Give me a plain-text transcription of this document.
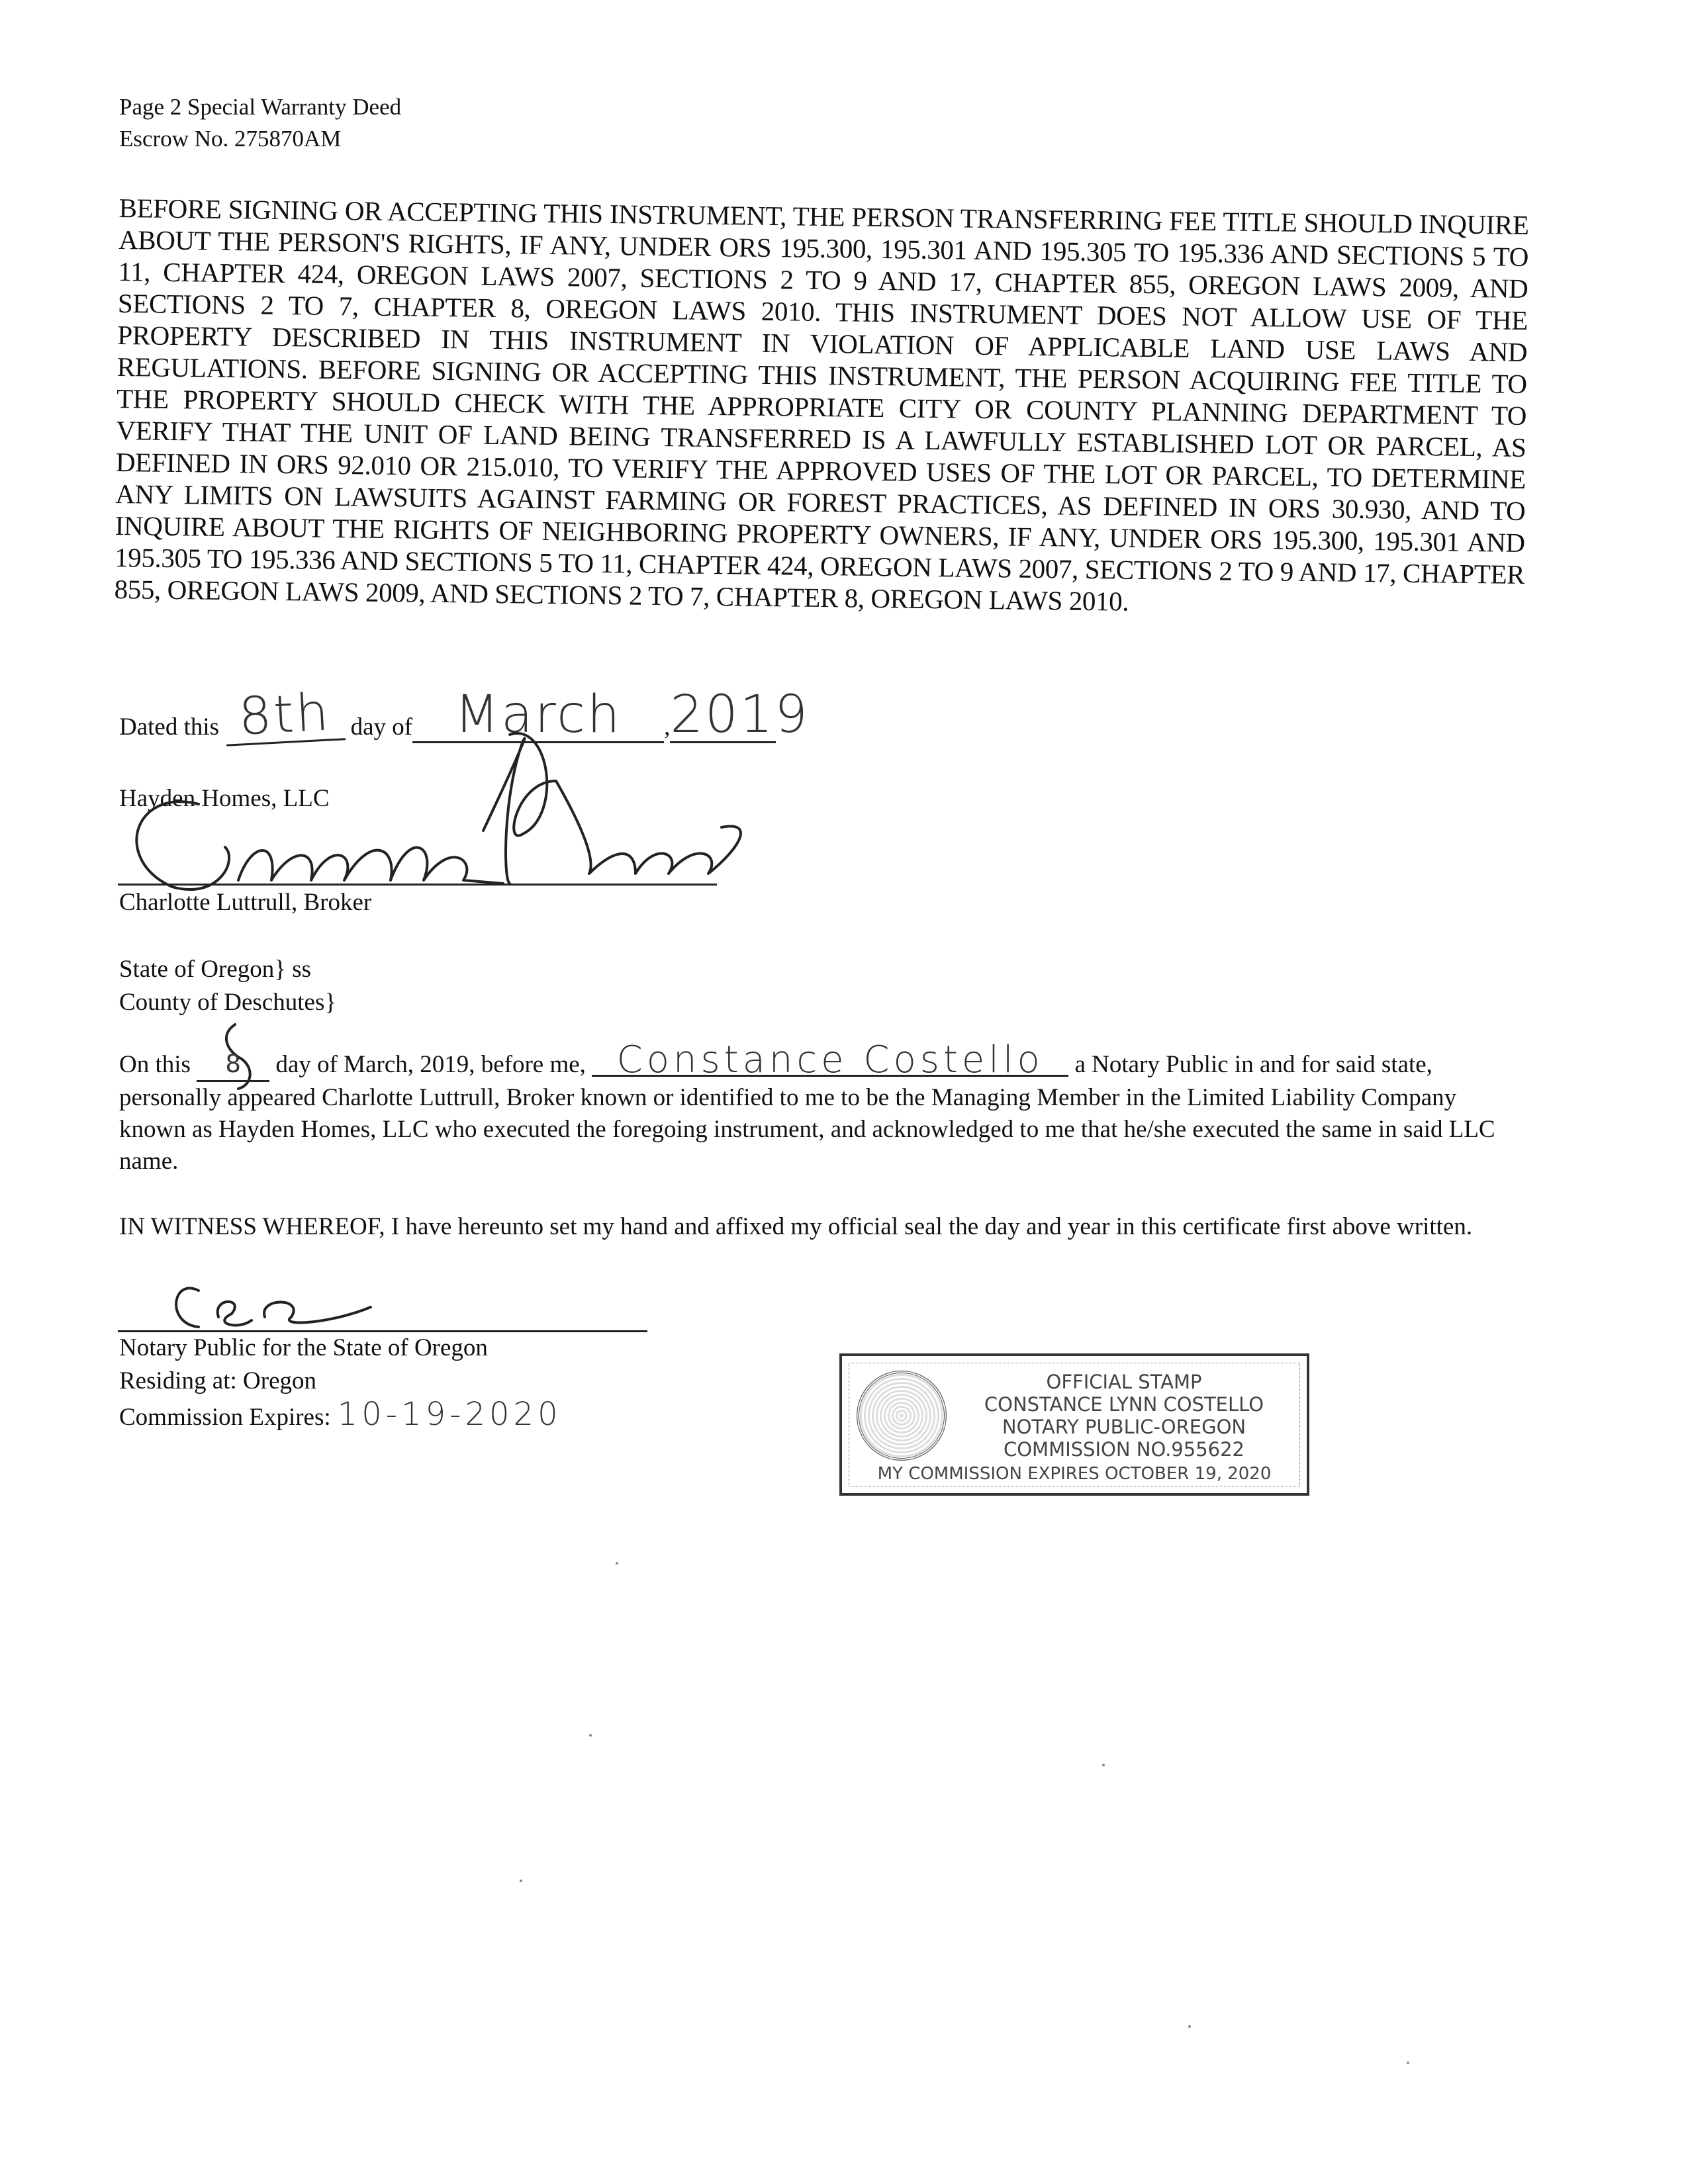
Page 2 Special Warranty Deed
Escrow No. 275870AM
BEFORE SIGNING OR ACCEPTING THIS INSTRUMENT, THE PERSON TRANSFERRING FEE TITLE SHOULD INQUIRE ABOUT THE PERSON'S RIGHTS, IF ANY, UNDER ORS 195.300, 195.301 AND 195.305 TO 195.336 AND SECTIONS 5 TO 11, CHAPTER 424, OREGON LAWS 2007, SECTIONS 2 TO 9 AND 17, CHAPTER 855, OREGON LAWS 2009, AND SECTIONS 2 TO 7, CHAPTER 8, OREGON LAWS 2010. THIS INSTRUMENT DOES NOT ALLOW USE OF THE PROPERTY DESCRIBED IN THIS INSTRUMENT IN VIOLATION OF APPLICABLE LAND USE LAWS AND REGULATIONS. BEFORE SIGNING OR ACCEPTING THIS INSTRUMENT, THE PERSON ACQUIRING FEE TITLE TO THE PROPERTY SHOULD CHECK WITH THE APPROPRIATE CITY OR COUNTY PLANNING DEPARTMENT TO VERIFY THAT THE UNIT OF LAND BEING TRANSFERRED IS A LAWFULLY ESTABLISHED LOT OR PARCEL, AS DEFINED IN ORS 92.010 OR 215.010, TO VERIFY THE APPROVED USES OF THE LOT OR PARCEL, TO DETERMINE ANY LIMITS ON LAWSUITS AGAINST FARMING OR FOREST PRACTICES, AS DEFINED IN ORS 30.930, AND TO INQUIRE ABOUT THE RIGHTS OF NEIGHBORING PROPERTY OWNERS, IF ANY, UNDER ORS 195.300, 195.301 AND 195.305 TO 195.336 AND SECTIONS 5 TO 11, CHAPTER 424, OREGON LAWS 2007, SECTIONS 2 TO 9 AND 17, CHAPTER 855, OREGON LAWS 2009, AND SECTIONS 2 TO 7, CHAPTER 8, OREGON LAWS 2010.
Dated this 8th day of March ,2019
Hayden Homes, LLC
Charlotte Luttrull, Broker
State of Oregon} ss
County of Deschutes}
On this 8 day of March, 2019, before me, Constance Costello a Notary Public in and for said state, personally appeared Charlotte Luttrull, Broker known or identified to me to be the Managing Member in the Limited Liability Company known as Hayden Homes, LLC who executed the foregoing instrument, and acknowledged to me that he/she executed the same in said LLC name.
IN WITNESS WHEREOF, I have hereunto set my hand and affixed my official seal the day and year in this certificate first above written.
Notary Public for the State of Oregon
Residing at: Oregon
Commission Expires: 10-19-2020
OFFICIAL STAMP
CONSTANCE LYNN COSTELLO
NOTARY PUBLIC-OREGON
COMMISSION NO.955622
MY COMMISSION EXPIRES OCTOBER 19, 2020
